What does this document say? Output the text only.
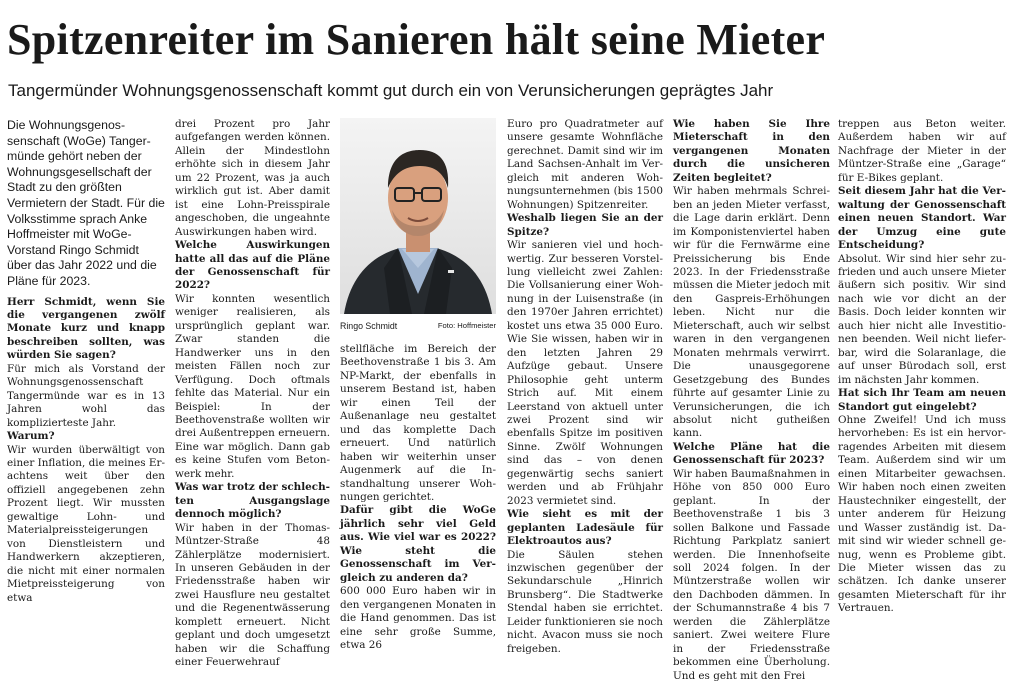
Spitzenreiter im Sanieren hält seine Mieter
Tangermünder Wohnungsgenossenschaft kommt gut durch ein von Verunsicherungen geprägtes Jahr

Die Wohnungsgenossenschaft (WoGe) Tangermünde gehört neben der Wohnungsgesellschaft der Stadt zu den größten Vermietern der Stadt. Für die Volksstimme sprach Anke Hoffmeister mit WoGe-Vorstand Ringo Schmidt über das Jahr 2022 und die Pläne für 2023.

Herr Schmidt, wenn Sie die vergangenen zwölf Monate kurz und knapp beschreiben sollten, was würden Sie sagen?

Für mich als Vorstand der Wohnungsgenossenschaft Tangermünde war es in 13 Jahren wohl das komplizierteste Jahr.

Warum?

Wir wurden überwältigt von einer Inflation, die meines Erachtens weit über den offiziell angegebenen zehn Prozent liegt. Wir mussten gewaltige Lohn- und Materialpreissteigerungen von Dienstleistern und Handwerkern akzeptieren, die nicht mit einer normalen Mietpreissteigerung von etwa

drei Prozent pro Jahr aufgefangen werden können. Allein der Mindestlohn erhöhte sich in diesem Jahr um 22 Prozent, was ja auch wirklich gut ist. Aber damit ist eine Lohn-Preisspirale angeschoben, die ungeahnte Auswirkungen haben wird.

Welche Auswirkungen hatte all das auf die Pläne der Genossenschaft für 2022?

Wir konnten wesentlich weniger realisieren, als ursprünglich geplant war. Zwar standen die Handwerker uns in den meisten Fällen noch zur Verfügung. Doch oftmals fehlte das Material. Nur ein Beispiel: In der Beethovenstraße wollten wir drei Außentreppen erneuern. Eine war möglich. Dann gab es keine Stufen vom Betonwerk mehr.

Was war trotz der schlechten Ausgangslage dennoch möglich?

Wir haben in der Thomas-Müntzer-Straße 48 Zählerplätze modernisiert. In unseren Gebäuden in der Friedensstraße haben wir zwei Hausflure neu gestaltet und die Regenentwässerung komplett erneuert. Nicht geplant und doch umgesetzt haben wir die Schaffung einer Feuerwehrauf

Ringo Schmidt	Foto: Hoffmeister

stellfläche im Bereich der Beethovenstraße 1 bis 3. Am NP-Markt, der ebenfalls in unserem Bestand ist, haben wir einen Teil der Außenanlage neu gestaltet und das komplette Dach erneuert. Und natürlich haben wir weiterhin unser Augenmerk auf die Instandhaltung unserer Wohnungen gerichtet.

Dafür gibt die WoGe jährlich sehr viel Geld aus. Wie viel war es 2022? Wie steht die Genossenschaft im Vergleich zu anderen da?

600 000 Euro haben wir in den vergangenen Monaten in die Hand genommen. Das ist eine sehr große Summe, etwa 26

Euro pro Quadratmeter auf unsere gesamte Wohnfläche gerechnet. Damit sind wir im Land Sachsen-Anhalt im Vergleich mit anderen Wohnungsunternehmen (bis 1500 Wohnungen) Spitzenreiter.

Weshalb liegen Sie an der Spitze?

Wir sanieren viel und hochwertig. Zur besseren Vorstellung vielleicht zwei Zahlen: Die Vollsanierung einer Wohnung in der Luisenstraße (in den 1970er Jahren errichtet) kostet uns etwa 35 000 Euro. Wie Sie wissen, haben wir in den letzten Jahren 29 Aufzüge gebaut. Unsere Philosophie geht unterm Strich auf. Mit einem Leerstand von aktuell unter zwei Prozent sind wir ebenfalls Spitze im positiven Sinne. Zwölf Wohnungen sind das – von denen gegenwärtig sechs saniert werden und ab Frühjahr 2023 vermietet sind.

Wie sieht es mit der geplanten Ladesäule für Elektroautos aus?

Die Säulen stehen inzwischen gegenüber der Sekundarschule „Hinrich Brunsberg“. Die Stadtwerke Stendal haben sie errichtet. Leider funktionieren sie noch nicht. Avacon muss sie noch freigeben.

Wie haben Sie Ihre Mieterschaft in den vergangenen Monaten durch die unsicheren Zeiten begleitet?

Wir haben mehrmals Schreiben an jeden Mieter verfasst, die Lage darin erklärt. Denn im Komponistenviertel haben wir für die Fernwärme eine Preissicherung bis Ende 2023. In der Friedensstraße müssen die Mieter jedoch mit den Gaspreis-Erhöhungen leben. Nicht nur die Mieterschaft, auch wir selbst waren in den vergangenen Monaten mehrmals verwirrt. Die unausgegorene Gesetzgebung des Bundes führte auf gesamter Linie zu Verunsicherungen, die ich absolut nicht gutheißen kann.

Welche Pläne hat die Genossenschaft für 2023?

Wir haben Baumaßnahmen in Höhe von 850 000 Euro geplant. In der Beethovenstraße 1 bis 3 sollen Balkone und Fassade Richtung Parkplatz saniert werden. Die Innenhofseite soll 2024 folgen. In der Müntzerstraße wollen wir den Dachboden dämmen. In der Schumannstraße 4 bis 7 werden die Zählerplätze saniert. Zwei weitere Flure in der Friedensstraße bekommen eine Überholung. Und es geht mit den Frei

treppen aus Beton weiter. Außerdem haben wir auf Nachfrage der Mieter in der Müntzer-Straße eine „Garage“ für E-Bikes geplant.

Seit diesem Jahr hat die Verwaltung der Genossenschaft einen neuen Standort. War der Umzug eine gute Entscheidung?

Absolut. Wir sind hier sehr zufrieden und auch unsere Mieter äußern sich positiv. Wir sind nach wie vor dicht an der Basis. Doch leider konnten wir auch hier nicht alle Investitionen beenden. Weil nicht lieferbar, wird die Solaranlage, die auf unser Bürodach soll, erst im nächsten Jahr kommen.

Hat sich Ihr Team am neuen Standort gut eingelebt?

Ohne Zweifel! Und ich muss hervorheben: Es ist ein hervorragendes Arbeiten mit diesem Team. Außerdem sind wir um einen Mitarbeiter gewachsen. Wir haben noch einen zweiten Haustechniker eingestellt, der unter anderem für Heizung und Wasser zuständig ist. Damit sind wir wieder schnell genug, wenn es Probleme gibt. Die Mieter wissen das zu schätzen. Ich danke unserer gesamten Mieterschaft für ihr Vertrauen.
